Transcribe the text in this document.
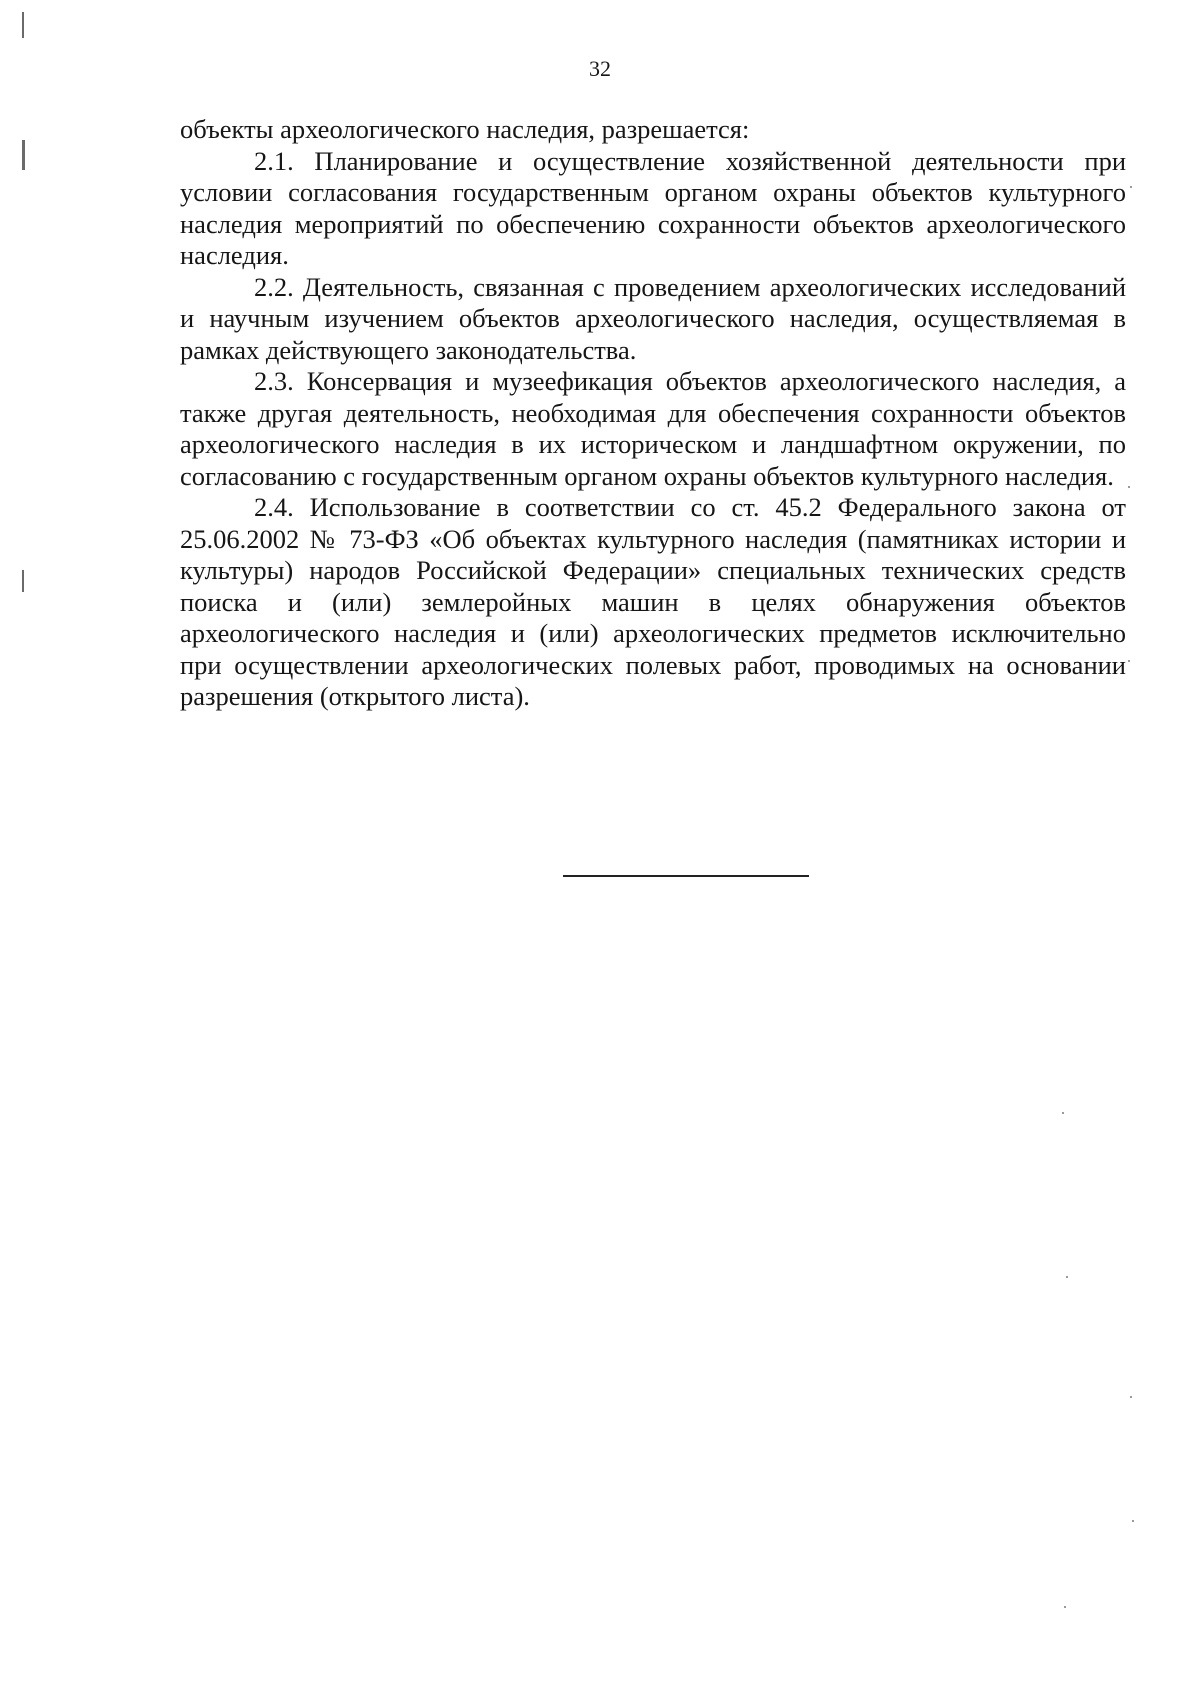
32

объекты археологического наследия, разрешается:

2.1. Планирование и осуществление хозяйственной деятельности при условии согласования государственным органом охраны объектов культурного наследия мероприятий по обеспечению сохранности объектов археологического наследия.

2.2. Деятельность, связанная с проведением археологических исследований и научным изучением объектов археологического наследия, осуществляемая в рамках действующего законодательства.

2.3. Консервация и музеефикация объектов археологического наследия, а также другая деятельность, необходимая для обеспечения сохранности объектов археологического наследия в их историческом и ландшафтном окружении, по согласованию с государственным органом охраны объектов культурного наследия.

2.4. Использование в соответствии со ст. 45.2 Федерального закона от 25.06.2002 № 73-ФЗ «Об объектах культурного наследия (памятниках истории и культуры) народов Российской Федерации» специальных технических средств поиска и (или) землеройных машин в целях обнаружения объектов археологического наследия и (или) археологических предметов исключительно при осуществлении археологических полевых работ, проводимых на основании разрешения (открытого листа).
